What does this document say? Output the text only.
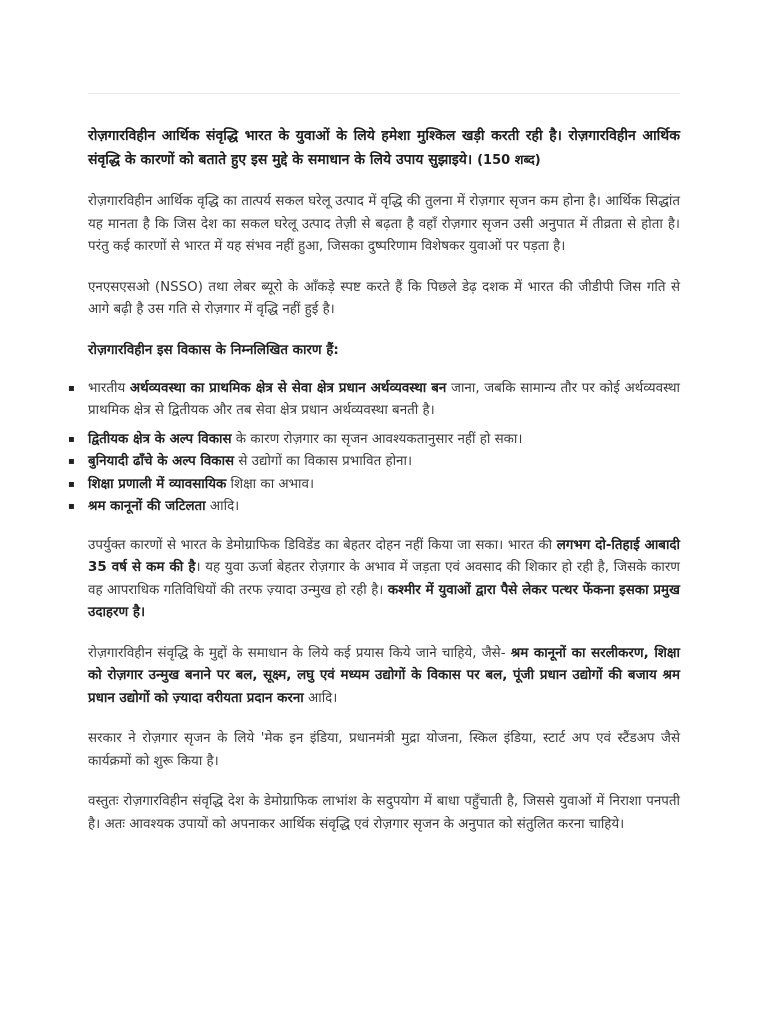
रोज़गारविहीन आर्थिक संवृद्धि भारत के युवाओं के लिये हमेशा मुश्किल खड़ी करती रही है। रोज़गारविहीन आर्थिक संवृद्धि के कारणों को बताते हुए इस मुद्दे के समाधान के लिये उपाय सुझाइये। (150 शब्द)

रोज़गारविहीन आर्थिक वृद्धि का तात्पर्य सकल घरेलू उत्पाद में वृद्धि की तुलना में रोज़गार सृजन कम होना है। आर्थिक सिद्धांत यह मानता है कि जिस देश का सकल घरेलू उत्पाद तेज़ी से बढ़ता है वहाँ रोज़गार सृजन उसी अनुपात में तीव्रता से होता है। परंतु कई कारणों से भारत में यह संभव नहीं हुआ, जिसका दुष्परिणाम विशेषकर युवाओं पर पड़ता है।

एनएसएसओ (NSSO) तथा लेबर ब्यूरो के आँकड़े स्पष्ट करते हैं कि पिछले डेढ़ दशक में भारत की जीडीपी जिस गति से आगे बढ़ी है उस गति से रोज़गार में वृद्धि नहीं हुई है।

रोज़गारविहीन इस विकास के निम्नलिखित कारण हैं:

▪ भारतीय अर्थव्यवस्था का प्राथमिक क्षेत्र से सेवा क्षेत्र प्रधान अर्थव्यवस्था बन जाना, जबकि सामान्य तौर पर कोई अर्थव्यवस्था प्राथमिक क्षेत्र से द्वितीयक और तब सेवा क्षेत्र प्रधान अर्थव्यवस्था बनती है।
▪ द्वितीयक क्षेत्र के अल्प विकास के कारण रोज़गार का सृजन आवश्यकतानुसार नहीं हो सका।
▪ बुनियादी ढाँचे के अल्प विकास से उद्योगों का विकास प्रभावित होना।
▪ शिक्षा प्रणाली में व्यावसायिक शिक्षा का अभाव।
▪ श्रम कानूनों की जटिलता आदि।

उपर्युक्त कारणों से भारत के डेमोग्राफिक डिविडेंड का बेहतर दोहन नहीं किया जा सका। भारत की लगभग दो-तिहाई आबादी 35 वर्ष से कम की है। यह युवा ऊर्जा बेहतर रोज़गार के अभाव में जड़ता एवं अवसाद की शिकार हो रही है, जिसके कारण वह आपराधिक गतिविधियों की तरफ ज़्यादा उन्मुख हो रही है। कश्मीर में युवाओं द्वारा पैसे लेकर पत्थर फेंकना इसका प्रमुख उदाहरण है।

रोज़गारविहीन संवृद्धि के मुद्दों के समाधान के लिये कई प्रयास किये जाने चाहिये, जैसे- श्रम कानूनों का सरलीकरण, शिक्षा को रोज़गार उन्मुख बनाने पर बल, सूक्ष्म, लघु एवं मध्यम उद्योगों के विकास पर बल, पूंजी प्रधान उद्योगों की बजाय श्रम प्रधान उद्योगों को ज़्यादा वरीयता प्रदान करना आदि।

सरकार ने रोज़गार सृजन के लिये 'मेक इन इंडिया, प्रधानमंत्री मुद्रा योजना, स्किल इंडिया, स्टार्ट अप एवं स्टैंडअप जैसे कार्यक्रमों को शुरू किया है।

वस्तुतः रोज़गारविहीन संवृद्धि देश के डेमोग्राफिक लाभांश के सदुपयोग में बाधा पहुँचाती है, जिससे युवाओं में निराशा पनपती है। अतः आवश्यक उपायों को अपनाकर आर्थिक संवृद्धि एवं रोज़गार सृजन के अनुपात को संतुलित करना चाहिये।
